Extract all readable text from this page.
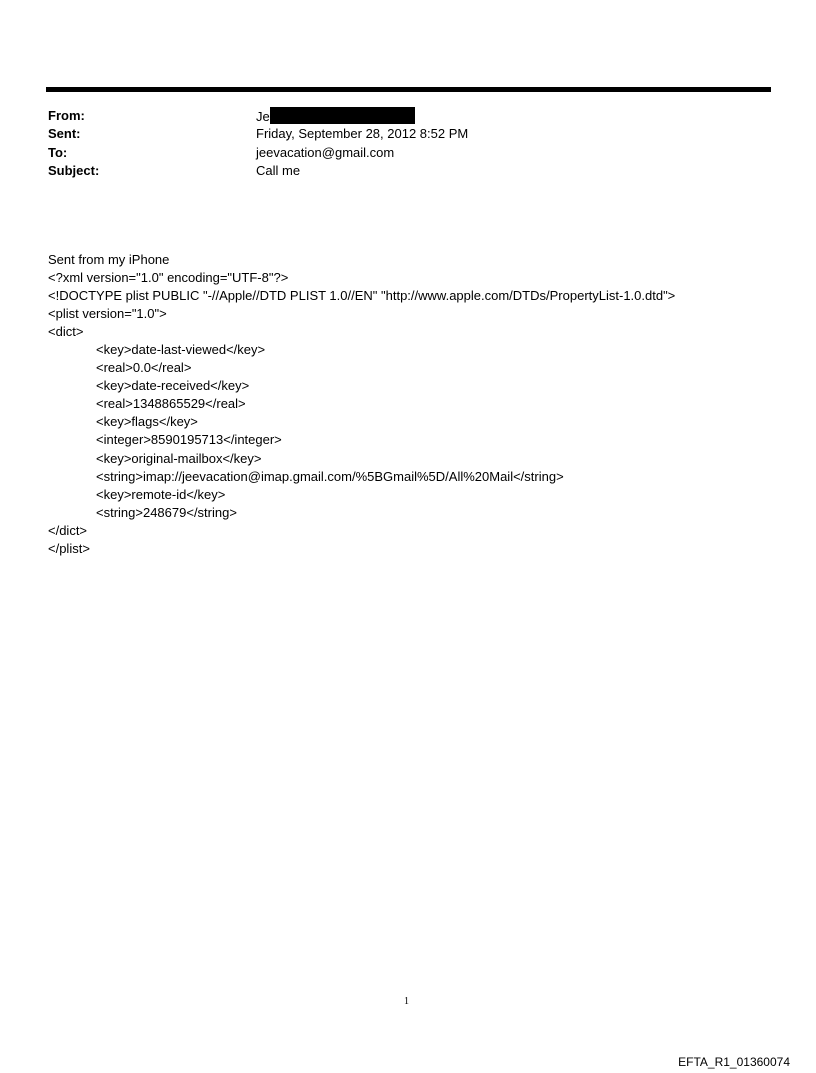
From:	Je
Sent:	Friday, September 28, 2012 8:52 PM
To:	jeevacation@gmail.com
Subject:	Call me
Sent from my iPhone
<?xml version="1.0" encoding="UTF-8"?>
<!DOCTYPE plist PUBLIC "-//Apple//DTD PLIST 1.0//EN" "http://www.apple.com/DTDs/PropertyList-1.0.dtd">
<plist version="1.0">
<dict>
<key>date-last-viewed</key>
<real>0.0</real>
<key>date-received</key>
<real>1348865529</real>
<key>flags</key>
<integer>8590195713</integer>
<key>original-mailbox</key>
<string>imap://jeevacation@imap.gmail.com/%5BGmail%5D/All%20Mail</string>
<key>remote-id</key>
<string>248679</string>
</dict>
</plist>
1
EFTA_R1_01360074
